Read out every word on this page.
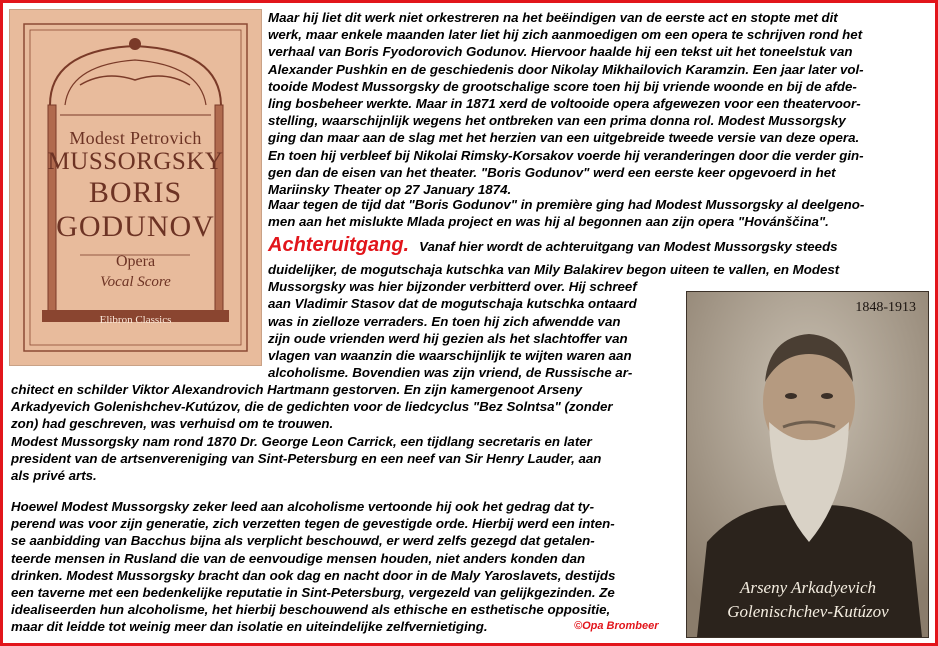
Modest Petrovich
MUSSORGSKY
BORIS
GODUNOV
Opera
Vocal Score
Elibron Classics
Maar hij liet dit werk niet orkestreren na het beëindigen van de eerste act en stopte met dit
werk, maar enkele maanden later liet hij zich aanmoedigen om een opera te schrijven rond het
verhaal van Boris Fyodorovich Godunov. Hiervoor haalde hij een tekst uit het toneelstuk van
Alexander Pushkin en de geschiedenis door Nikolay Mikhailovich Karamzin. Een jaar later vol-
tooide Modest Mussorgsky de grootschalige score toen hij bij vriende woonde en bij de afde-
ling bosbeheer werkte. Maar in 1871 xerd de voltooide opera afgewezen voor een theatervoor-
stelling, waarschijnlijk wegens het ontbreken van een prima donna rol. Modest Mussorgsky
ging dan maar aan de slag met het herzien van een uitgebreide tweede versie van deze opera.
En toen hij verbleef bij Nikolai Rimsky-Korsakov voerde hij veranderingen door die verder gin-
gen dan de eisen van het theater. "Boris Godunov" werd een eerste keer opgevoerd in het
Mariinsky Theater op 27 January 1874.
Maar tegen de tijd dat "Boris Godunov" in première ging had Modest Mussorgsky al deelgeno-
men aan het mislukte Mlada project en was hij al begonnen aan zijn opera "Hovánščina".
Achteruitgang. Vanaf hier wordt de achteruitgang van Modest Mussorgsky steeds
duidelijker, de mogutschaja kutschka van Mily Balakirev begon uiteen te vallen, en Modest
Mussorgsky was hier bijzonder verbitterd over. Hij schreef
aan Vladimir Stasov dat de mogutschaja kutschka ontaard
was in zielloze verraders. En toen hij zich afwendde van
zijn oude vrienden werd hij gezien als het slachtoffer van
vlagen van waanzin die waarschijnlijk te wijten waren aan
alcoholisme. Bovendien was zijn vriend, de Russische ar-
chitect en schilder Viktor Alexandrovich Hartmann gestorven. En zijn kamergenoot Arseny
Arkadyevich Golenishchev-Kutúzov, die de gedichten voor de liedcyclus "Bez Solntsa" (zonder
zon) had geschreven, was verhuisd om te trouwen.
Modest Mussorgsky nam rond 1870 Dr. George Leon Carrick, een tijdlang secretaris en later
president van de artsenvereniging van Sint-Petersburg en een neef van Sir Henry Lauder, aan
als privé arts.
Hoewel Modest Mussorgsky zeker leed aan alcoholisme vertoonde hij ook het gedrag dat ty-
perend was voor zijn generatie, zich verzetten tegen de gevestigde orde. Hierbij werd een inten-
se aanbidding van Bacchus bijna als verplicht beschouwd, er werd zelfs gezegd dat getalen-
teerde mensen in Rusland die van de eenvoudige mensen houden, niet anders konden dan
drinken. Modest Mussorgsky bracht dan ook dag en nacht door in de Maly Yaroslavets, destijds
een taverne met een bedenkelijke reputatie in Sint-Petersburg, vergezeld van gelijkgezinden. Ze
idealiseerden hun alcoholisme, het hierbij beschouwend als ethische en esthetische oppositie,
maar dit leidde tot weinig meer dan isolatie en uiteindelijke zelfvernietiging.
1848-1913
Arseny Arkadyevich
Golenischchev-Kutúzov
©Opa Brombeer
